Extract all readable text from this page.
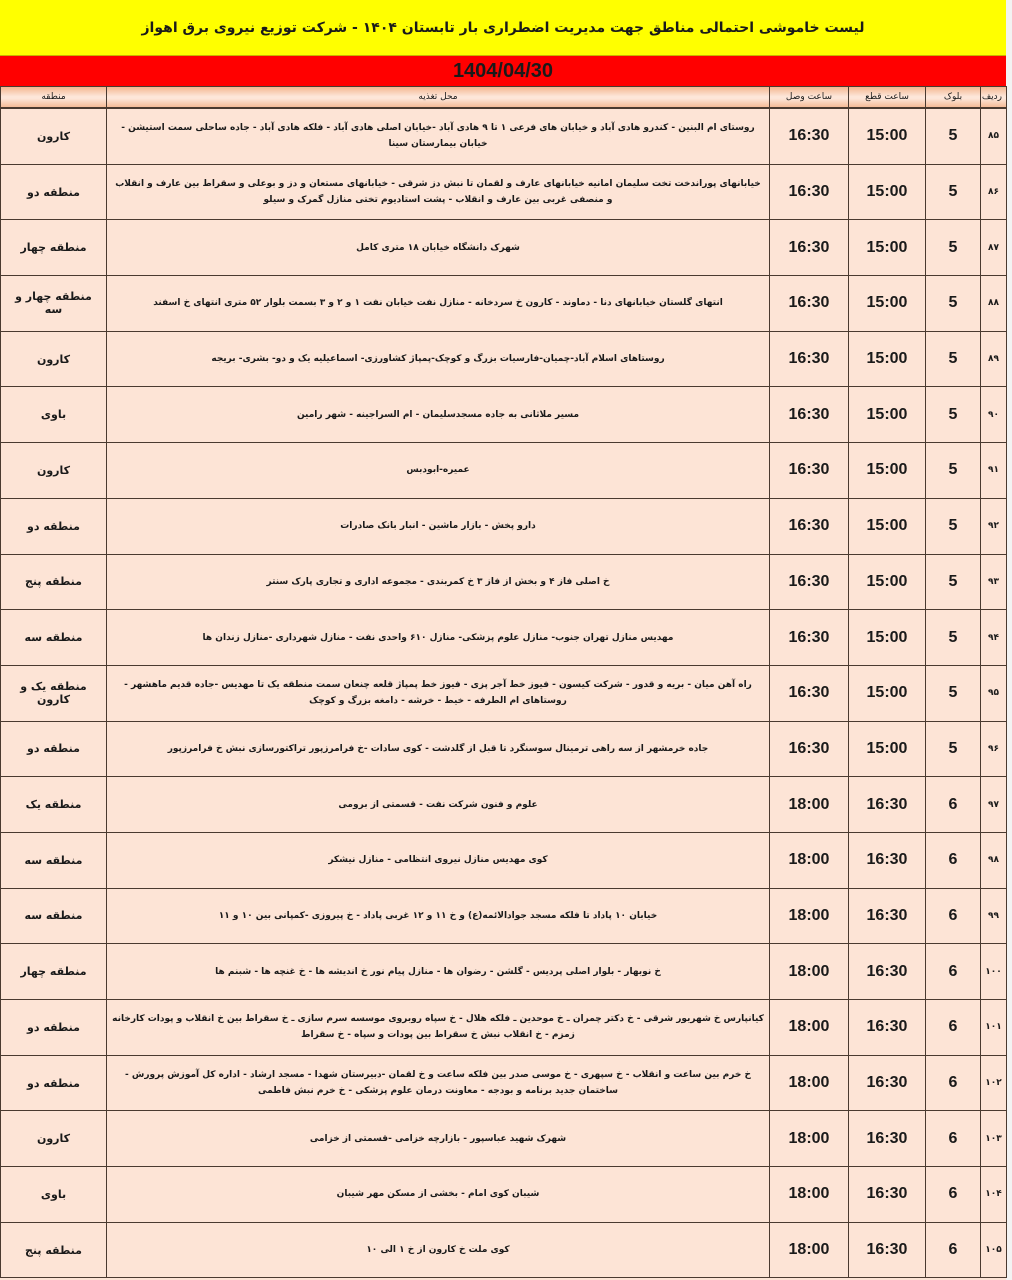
لیست خاموشی احتمالی مناطق جهت مدیریت اضطراری بار تابستان ۱۴۰۴ - شرکت توزیع نیروی برق اهواز
1404/04/30
منطقه	محل تغذیه	ساعت وصل	ساعت قطع	بلوک	ردیف
کارون	روستای ام البنین - کندرو هادی آباد و خیابان های فرعی ۱ تا ۹ هادی آباد -خیابان اصلی هادی آباد - فلکه هادی آباد - جاده ساحلی سمت استیشن - خیابان بیمارستان سینا	16:30	15:00	5	۸۵
منطقه دو	خیابانهای پوراندخت تخت سلیمان امانیه خیابانهای عارف و لقمان تا نبش دز شرقی - خیابانهای مستعان و دز و بوعلی و سقراط بین عارف و انقلاب و منصفی غربی بین عارف و انقلاب - پشت استادیوم تختی منازل گمرک و سیلو	16:30	15:00	5	۸۶
منطقه چهار	شهرک دانشگاه خیابان ۱۸ متری کامل	16:30	15:00	5	۸۷
منطقه چهار و سه	انتهای گلستان خیابانهای دنا - دماوند - کارون خ سردخانه - منازل نفت خیابان نفت ۱ و ۲ و ۳ بسمت بلوار ۵۲ متری انتهای خ اسفند	16:30	15:00	5	۸۸
کارون	روستاهای اسلام آباد-چمیان-فارسیات بزرگ و کوچک-پمپاژ کشاورزی- اسماعیلیه یک و دو- بشری- بریجه	16:30	15:00	5	۸۹
باوی	مسیر ملاثانی به جاده مسجدسلیمان - ام السراجینه - شهر رامین	16:30	15:00	5	۹۰
کارون	عمیره-ابودبس	16:30	15:00	5	۹۱
منطقه دو	دارو پخش - بازار ماشین - انبار بانک صادرات	16:30	15:00	5	۹۲
منطقه پنج	خ اصلی فاز ۴ و بخش از فاز ۳ خ کمربندی - مجموعه اداری و تجاری پارک سنتر	16:30	15:00	5	۹۳
منطقه سه	مهدیس منازل تهران جنوب- منازل علوم پزشکی- منازل ۶۱۰ واحدی نفت - منازل شهرداری -منازل زندان ها	16:30	15:00	5	۹۴
منطقه یک و کارون	راه آهن میان - بریه و قدور - شرکت کیسون - فیوز خط آجر پزی - فیوز خط پمپاژ قلعه چنعان سمت منطقه یک تا مهدیس -جاده قدیم ماهشهر - روستاهای ام الطرفه - خیط - خرشه - دامغه بزرگ و کوچک	16:30	15:00	5	۹۵
منطقه دو	جاده خرمشهر از سه راهی ترمینال سوسنگرد تا قبل از گلدشت - کوی سادات -خ فرامرزپور تراکتورسازی نبش خ فرامرزپور	16:30	15:00	5	۹۶
منطقه یک	علوم و فنون شرکت نفت - قسمتی از برومی	18:00	16:30	6	۹۷
منطقه سه	کوی مهدیس منازل نیروی انتظامی - منازل نیشکر	18:00	16:30	6	۹۸
منطقه سه	خیابان ۱۰ پاداد تا فلکه مسجد جوادالائمه(ع) و خ ۱۱ و ۱۲ غربی پاداد - خ پیروزی -کمپانی بین ۱۰ و ۱۱	18:00	16:30	6	۹۹
منطقه چهار	خ نوبهار - بلوار اصلی پردیس - گلشن - رضوان ها - منازل پیام نور خ اندیشه ها - خ غنچه ها - شبنم ها	18:00	16:30	6	۱۰۰
منطقه دو	کیانپارس خ شهریور شرقی - خ دکتر چمران ـ خ موحدین ـ فلکه هلال - خ سپاه روبروی موسسه سرم سازی ـ خ سقراط بین خ انقلاب و پودات کارخانه زمزم - خ انقلاب نبش خ سقراط بین پودات و سپاه - خ سقراط	18:00	16:30	6	۱۰۱
منطقه دو	خ خرم بین ساعت و انقلاب - خ سپهری - خ موسی صدر بین فلکه ساعت و خ لقمان -دبیرستان شهدا - مسجد ارشاد - اداره کل آموزش پرورش - ساختمان جدید برنامه و بودجه - معاونت درمان علوم پزشکی - خ خرم نبش فاطمی	18:00	16:30	6	۱۰۲
کارون	شهرک شهید عباسپور - بازارچه خزامی -قسمتی از خزامی	18:00	16:30	6	۱۰۳
باوی	شیبان کوی امام - بخشی از مسکن مهر شیبان	18:00	16:30	6	۱۰۴
منطقه پنج	کوی ملت خ کارون از خ ۱ الی ۱۰	18:00	16:30	6	۱۰۵
